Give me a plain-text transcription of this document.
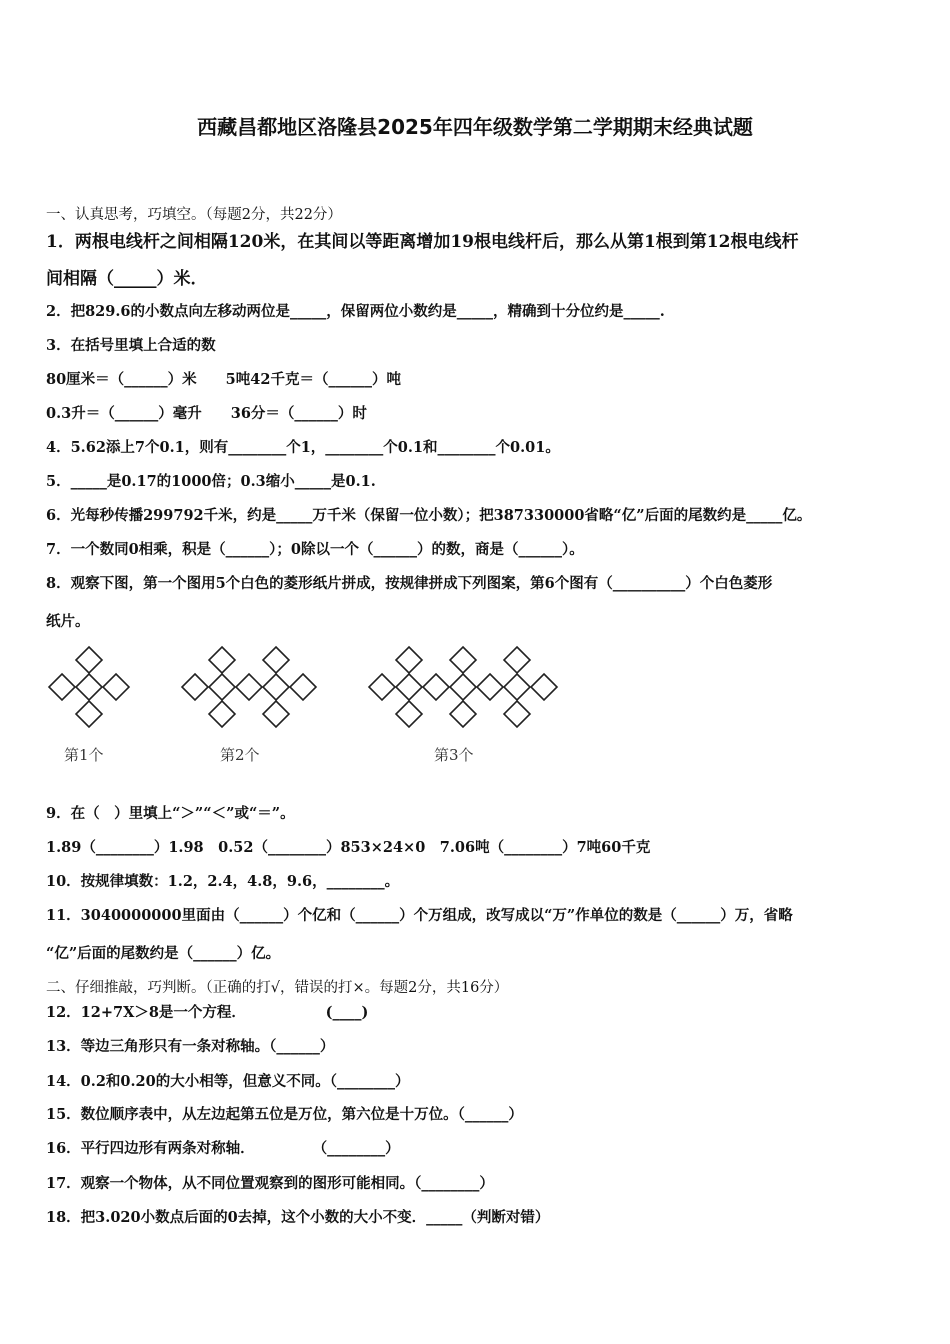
西藏昌都地区洛隆县2025年四年级数学第二学期期末经典试题
一、认真思考，巧填空。（每题2分，共22分）
1．两根电线杆之间相隔120米，在其间以等距离增加19根电线杆后，那么从第1根到第12根电线杆
间相隔（_____）米．
2．把829.6的小数点向左移动两位是_____，保留两位小数约是_____，精确到十分位约是_____.
3．在括号里填上合适的数
80厘米＝（______）米　　5吨42千克＝（______）吨
0.3升＝（______）毫升　　36分＝（______）时
4．5.62添上7个0.1，则有________个1，________个0.1和________个0.01。
5．_____是0.17的1000倍；0.3缩小_____是0.1.
6．光每秒传播299792千米，约是_____万千米（保留一位小数）；把387330000省略“亿”后面的尾数约是_____亿。
7．一个数同0相乘，积是（______）；0除以一个（______）的数，商是（______）。
8．观察下图，第一个图用5个白色的菱形纸片拼成，按规律拼成下列图案，第6个图有（__________）个白色菱形
纸片。
第1个	第2个	第3个
9．在（　）里填上“＞”“＜”或“＝”。
1.89（________）1.98　0.52（________）853×24×0　7.06吨（________）7吨60千克
10．按规律填数：1.2，2.4，4.8，9.6，________。
11．3040000000里面由（______）个亿和（______）个万组成，改写成以“万”作单位的数是（______）万，省略
“亿”后面的尾数约是（______）亿。
二、仔细推敲，巧判断。（正确的打√，错误的打×。每题2分，共16分）
12．12+7X＞8是一个方程．　　　　　　(____)
13．等边三角形只有一条对称轴。（______）
14．0.2和0.20的大小相等，但意义不同。（________）
15．数位顺序表中，从左边起第五位是万位，第六位是十万位。（______）
16．平行四边形有两条对称轴．　　　　　（________）
17．观察一个物体，从不同位置观察到的图形可能相同。（________）
18．把3.020小数点后面的0去掉，这个小数的大小不变．_____（判断对错）
